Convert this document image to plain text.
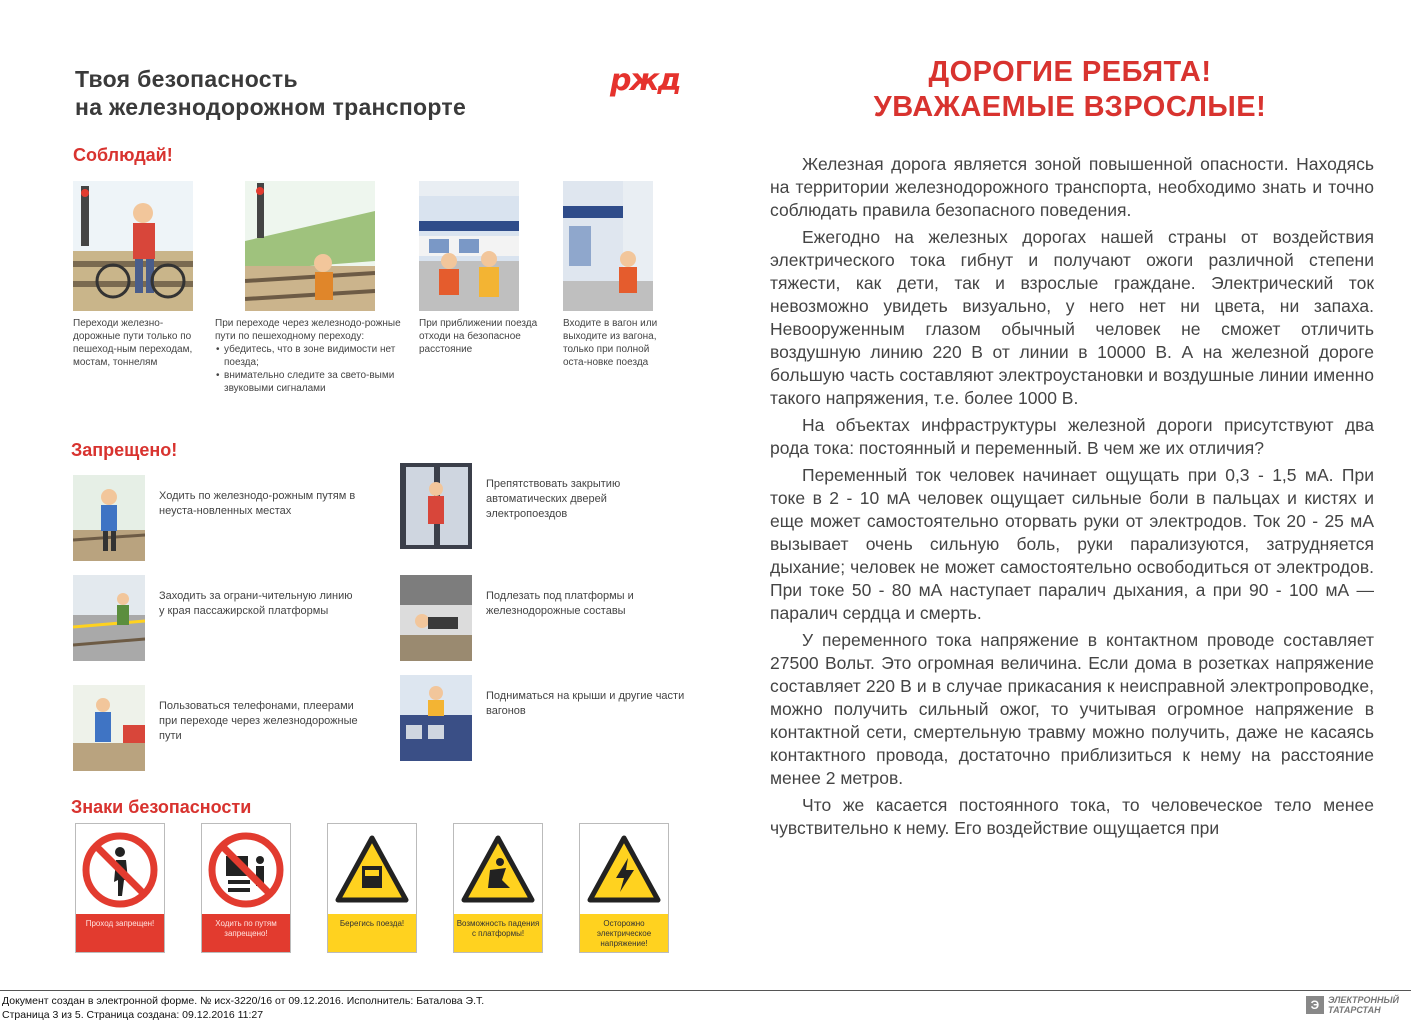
Твоя безопасность
на железнодорожном транспорте
ржд
Соблюдай!
Переходи железно-дорожные пути только по пешеход-ным переходам, мостам, тоннелям
При переходе через железнодо-рожные пути по пешеходному переходу:
• убедитесь, что в зоне видимости нет поезда;
• внимательно следите за свето-выми звуковыми сигналами
При приближении поезда отходи на безопасное расстояние
Входите в вагон или выходите из вагона, только при полной оста-новке поезда
Запрещено!
Ходить по железнодо-рожным путям в неуста-новленных местах
Препятствовать закрытию автоматических дверей электропоездов
Заходить за ограни-чительную линию у края пассажирской платформы
Подлезать под платформы и железнодорожные составы
Пользоваться телефонами, плеерами при переходе через железнодорожные пути
Подниматься на крыши и другие части вагонов
Знаки безопасности
Проход запрещен!	Ходить по путям запрещено!
Берегись поезда!	Возможность падения с платформы!
Осторожно электрическое напряжение!
ДОРОГИЕ РЕБЯТА!
УВАЖАЕМЫЕ ВЗРОСЛЫЕ!

Железная дорога является зоной повышенной опасности. Находясь на территории железнодорожного транспорта, необходимо знать и точно соблюдать правила безопасного поведения.

Ежегодно на железных дорогах нашей страны от воздействия электрического тока гибнут и получают ожоги различной степени тяжести, как дети, так и взрослые граждане. Электрический ток невозможно увидеть визуально, у него нет ни цвета, ни запаха. Невооруженным глазом обычный человек не сможет отличить воздушную линию 220 В от линии в 10000 В. А на железной дороге большую часть составляют электроустановки и воздушные линии именно такого напряжения, т.е. более 1000 В.

На объектах инфраструктуры железной дороги присутствуют два рода тока: постоянный и переменный. В чем же их отличия?

Переменный ток человек начинает ощущать при 0,3 - 1,5 мА. При токе в 2 - 10 мА человек ощущает сильные боли в пальцах и кистях и еще может самостоятельно оторвать руки от электродов. Ток 20 - 25 мА вызывает очень сильную боль, руки парализуются, затрудняется дыхание; человек не может самостоятельно освободиться от электродов. При токе 50 - 80 мА наступает паралич дыхания, а при 90 - 100 мА — паралич сердца и смерть.

У переменного тока напряжение в контактном проводе составляет 27500 Вольт. Это огромная величина. Если дома в розетках напряжение составляет 220 В и в случае прикасания к неисправной электропроводке, можно получить сильный ожог, то учитывая огромное напряжение в контактной сети, смертельную травму можно получить, даже не касаясь контактного провода, достаточно приблизиться к нему на расстояние менее 2 метров.

Что же касается постоянного тока, то человеческое тело менее чувствительно к нему. Его воздействие ощущается при

Документ создан в электронной форме. № исх-3220/16 от 09.12.2016. Исполнитель: Баталова Э.Т.
Страница 3 из 5. Страница создана: 09.12.2016 11:27
Э ЭЛЕКТРОННЫЙ
ТАТАРСТАН
